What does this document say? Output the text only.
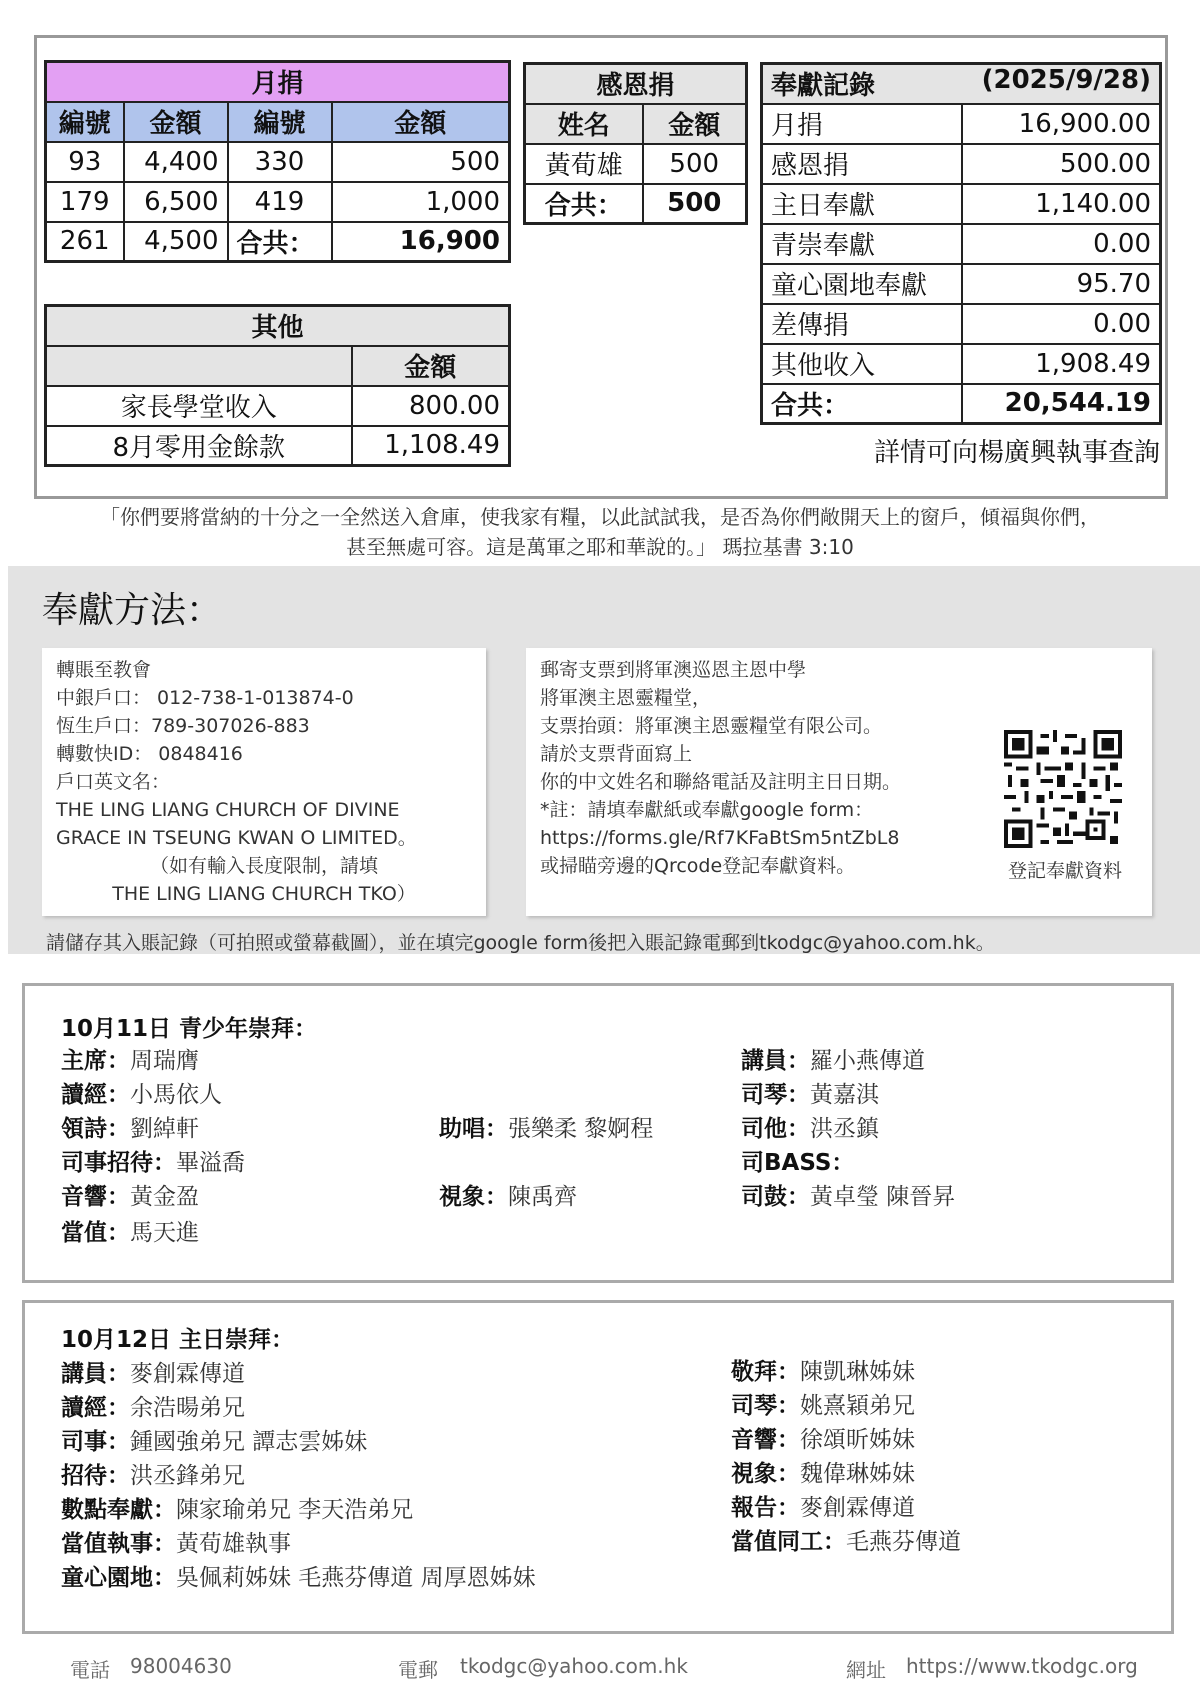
月捐			
編號	金額	編號	金額
93	4,400	330	500
179	6,500	419	1,000
261	4,500	合共：	16,900
感恩捐	
姓名	金額
黃荀雄	500
合共：	500
其他	
	金額
家長學堂收入	800.00
8月零用金餘款	1,108.49
奉獻記錄 (2025/9/28)	

月捐	16,900.00
感恩捐	500.00
主日奉獻	1,140.00
青崇奉獻	0.00
童心園地奉獻	95.70
差傳捐	0.00
其他收入	1,908.49
合共：	20,544.19
詳情可向楊廣興執事查詢
「你們要將當納的十分之一全然送入倉庫，使我家有糧，以此試試我，是否為你們敞開天上的窗戶，傾福與你們，
甚至無處可容。這是萬軍之耶和華說的。」 瑪拉基書 3:10
奉獻方法：
轉賬至教會
中銀戶口： 012-738-1-013874-0
恆生戶口：789-307026-883
轉數快ID： 0848416
戶口英文名：
THE LING LIANG CHURCH OF DIVINE
GRACE IN TSEUNG KWAN O LIMITED。
（如有輸入長度限制，請填
THE LING LIANG CHURCH TKO）
郵寄支票到將軍澳巡恩主恩中學
將軍澳主恩靈糧堂，
支票抬頭：將軍澳主恩靈糧堂有限公司。
請於支票背面寫上
你的中文姓名和聯絡電話及註明主日日期。
*註：請填奉獻紙或奉獻google form：
https://forms.gle/Rf7KFaBtSm5ntZbL8
或掃瞄旁邊的Qrcode登記奉獻資料。	登記奉獻資料
請儲存其入賬記錄（可拍照或螢幕截圖），並在填完google form後把入賬記錄電郵到tkodgc@yahoo.com.hk。
10月11日 青少年崇拜：
主席：周瑞膺
讀經：小馬依人
領詩：劉綽軒
司事招待：畢溢喬
音響：黃金盈
當值：馬天進
助唱：張樂柔 黎婀程
視象：陳禹齊
講員：羅小燕傳道
司琴：黃嘉淇
司他：洪丞鎮
司BASS：
司鼓：黃卓瑩 陳晉昇
10月12日 主日崇拜：
講員：麥創霖傳道
讀經：余浩暘弟兄
司事：鍾國強弟兄 譚志雲姊妹
招待：洪丞鋒弟兄
數點奉獻：陳家瑜弟兄 李天浩弟兄
當值執事：黃荀雄執事
童心園地：吳佩莉姊妹 毛燕芬傳道 周厚恩姊妹
敬拜：陳凱琳姊妹
司琴：姚熹穎弟兄
音響：徐頌昕姊妹
視象：魏偉琳姊妹
報告：麥創霖傳道
當值同工：毛燕芬傳道
電話 98004630	電郵 tkodgc@yahoo.com.hk	網址 https://www.tkodgc.org
